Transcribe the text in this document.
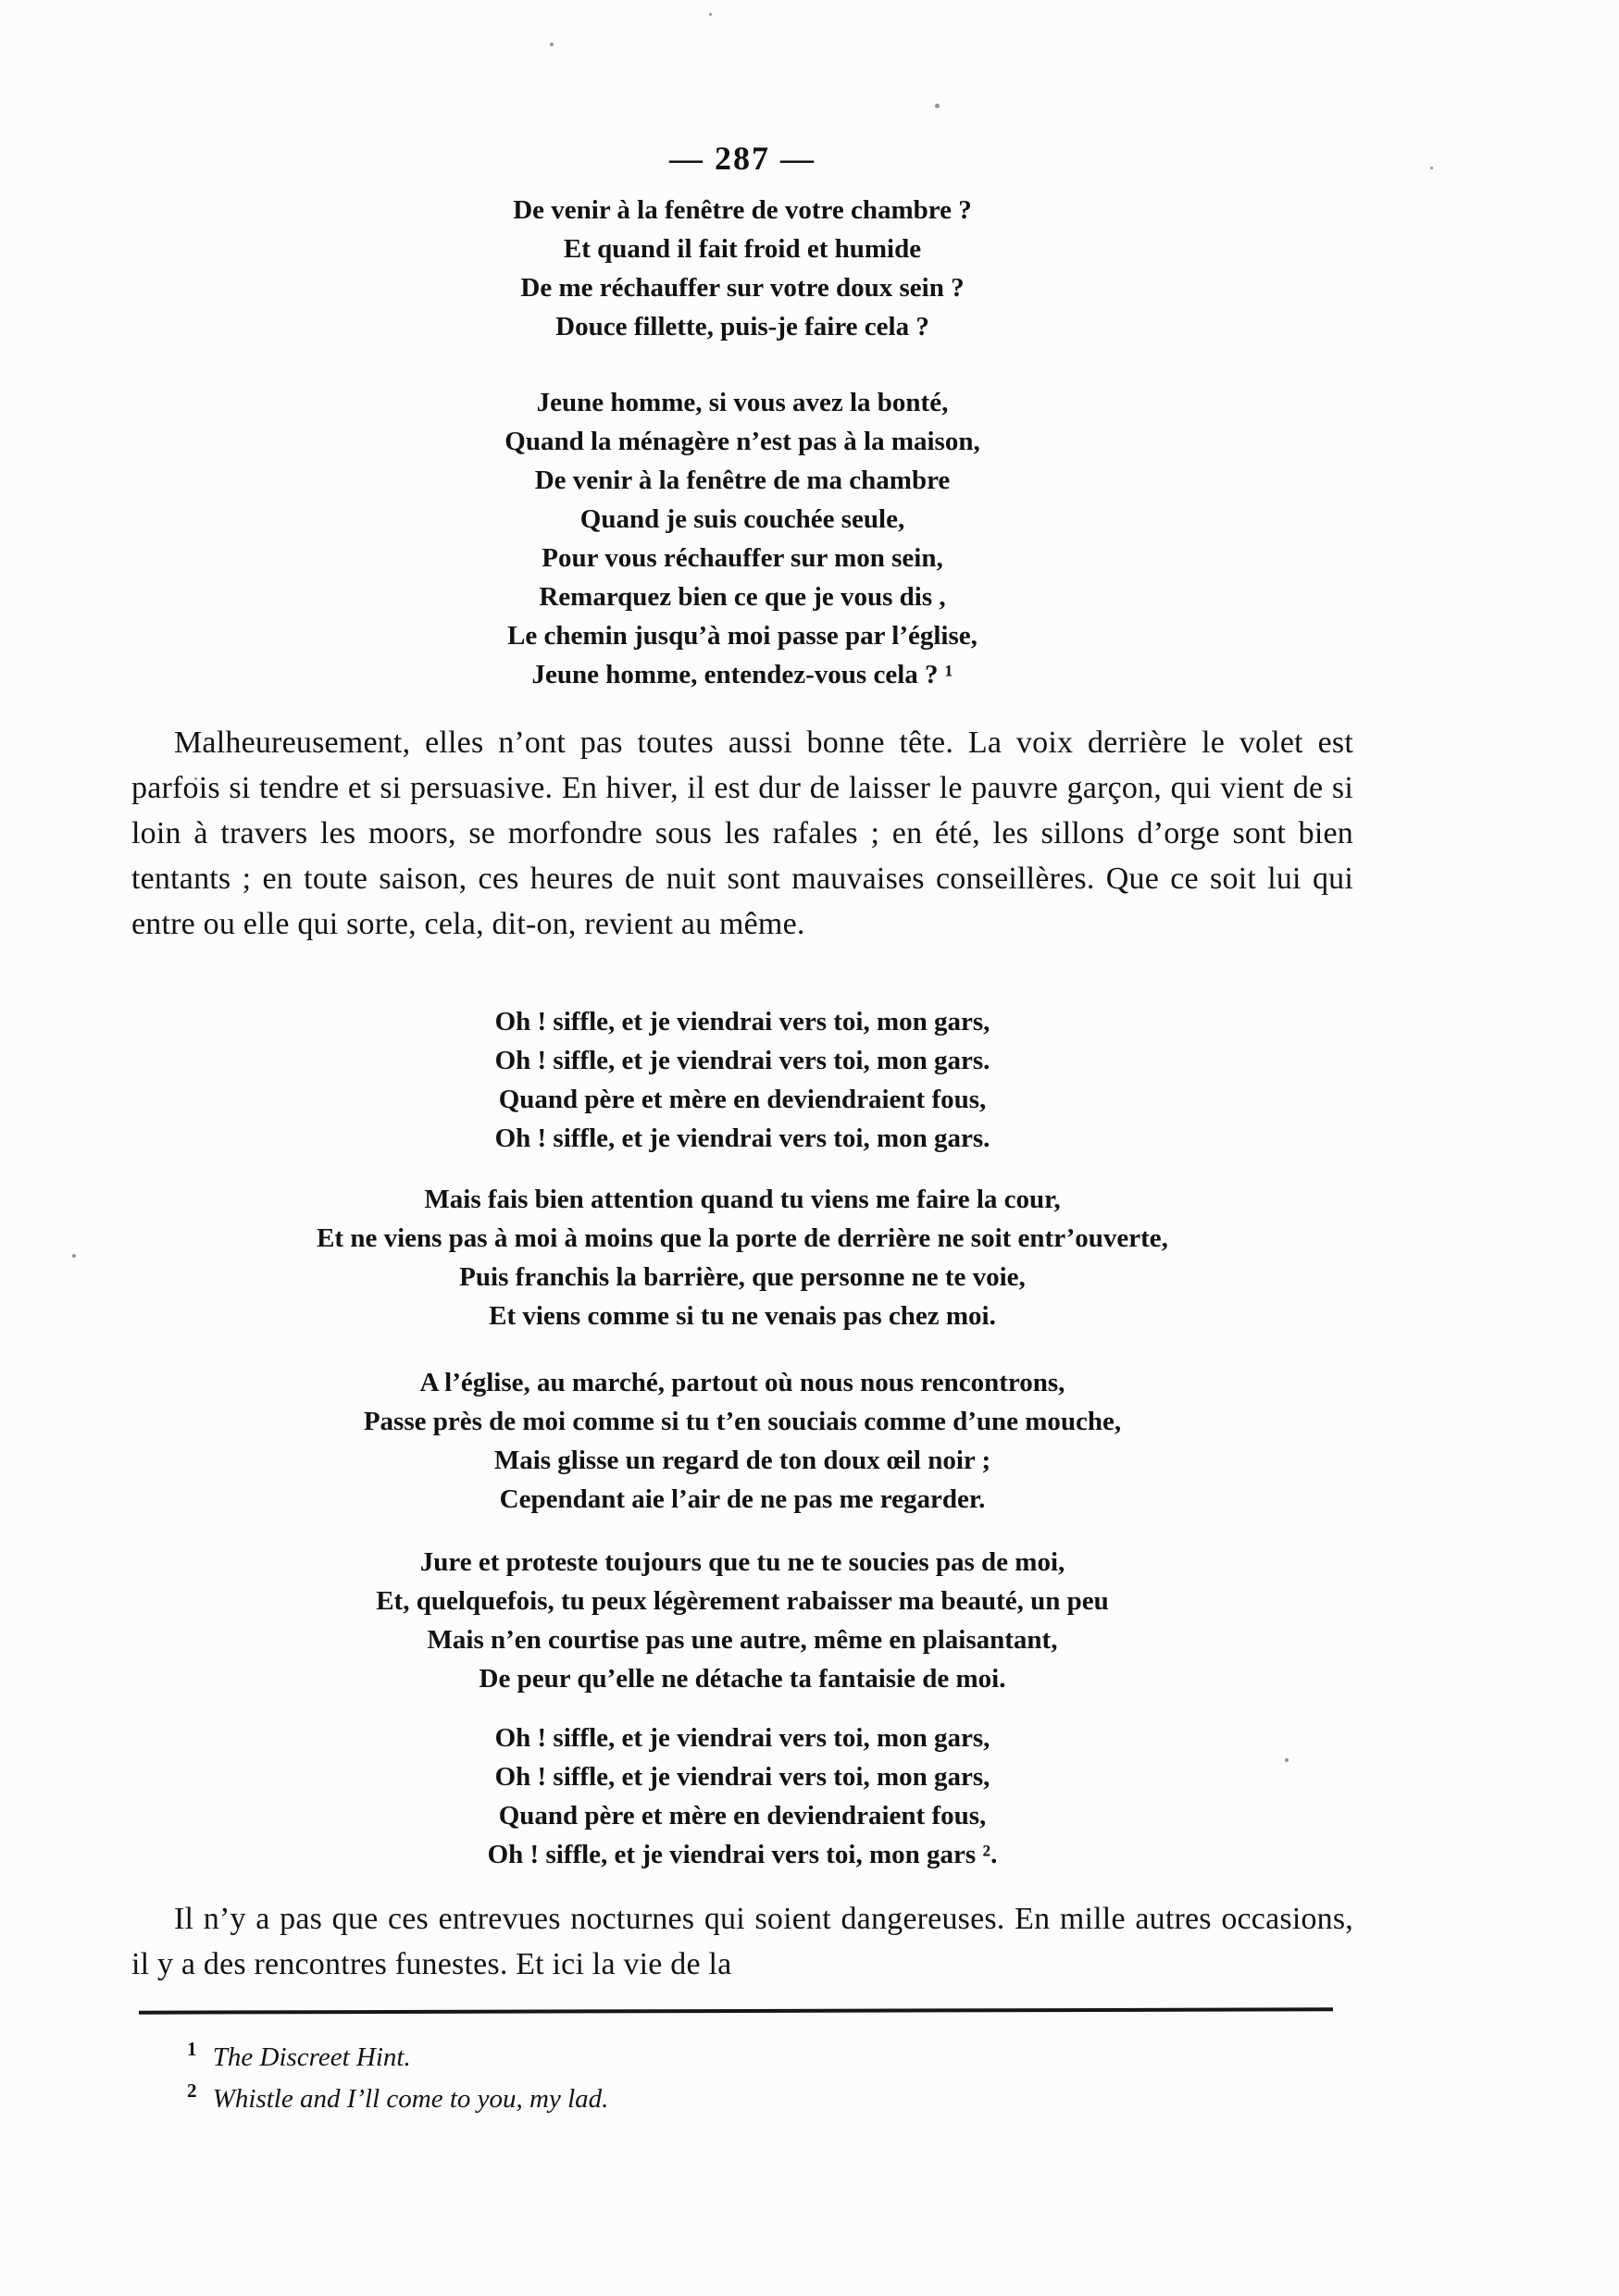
— 287 —
De venir à la fenêtre de votre chambre ?
Et quand il fait froid et humide
De me réchauffer sur votre doux sein ?
Douce fillette, puis-je faire cela ?
Jeune homme, si vous avez la bonté,
Quand la ménagère n’est pas à la maison,
De venir à la fenêtre de ma chambre
Quand je suis couchée seule,
Pour vous réchauffer sur mon sein,
Remarquez bien ce que je vous dis ,
Le chemin jusqu’à moi passe par l’église,
Jeune homme, entendez-vous cela ? ¹

Malheureusement, elles n’ont pas toutes aussi bonne tête. La voix derrière le volet est parfois si tendre et si persuasive. En hiver, il est dur de laisser le pauvre garçon, qui vient de si loin à travers les moors, se morfondre sous les rafales ; en été, les sillons d’orge sont bien tentants ; en toute saison, ces heures de nuit sont mauvaises conseillères. Que ce soit lui qui entre ou elle qui sorte, cela, dit-on, revient au même.

Oh ! siffle, et je viendrai vers toi, mon gars,
Oh ! siffle, et je viendrai vers toi, mon gars.
Quand père et mère en deviendraient fous,
Oh ! siffle, et je viendrai vers toi, mon gars.
Mais fais bien attention quand tu viens me faire la cour,
Et ne viens pas à moi à moins que la porte de derrière ne soit entr’ouverte,
Puis franchis la barrière, que personne ne te voie,
Et viens comme si tu ne venais pas chez moi.
A l’église, au marché, partout où nous nous rencontrons,
Passe près de moi comme si tu t’en souciais comme d’une mouche,
Mais glisse un regard de ton doux œil noir ;
Cependant aie l’air de ne pas me regarder.
Jure et proteste toujours que tu ne te soucies pas de moi,
Et, quelquefois, tu peux légèrement rabaisser ma beauté, un peu
Mais n’en courtise pas une autre, même en plaisantant,
De peur qu’elle ne détache ta fantaisie de moi.
Oh ! siffle, et je viendrai vers toi, mon gars,
Oh ! siffle, et je viendrai vers toi, mon gars,
Quand père et mère en deviendraient fous,
Oh ! siffle, et je viendrai vers toi, mon gars ².

Il n’y a pas que ces entrevues nocturnes qui soient dangereuses. En mille autres occasions, il y a des rencontres funestes. Et ici la vie de la

$^1$ The Discreet Hint.
$^2$ Whistle and I’ll come to you, my lad.
